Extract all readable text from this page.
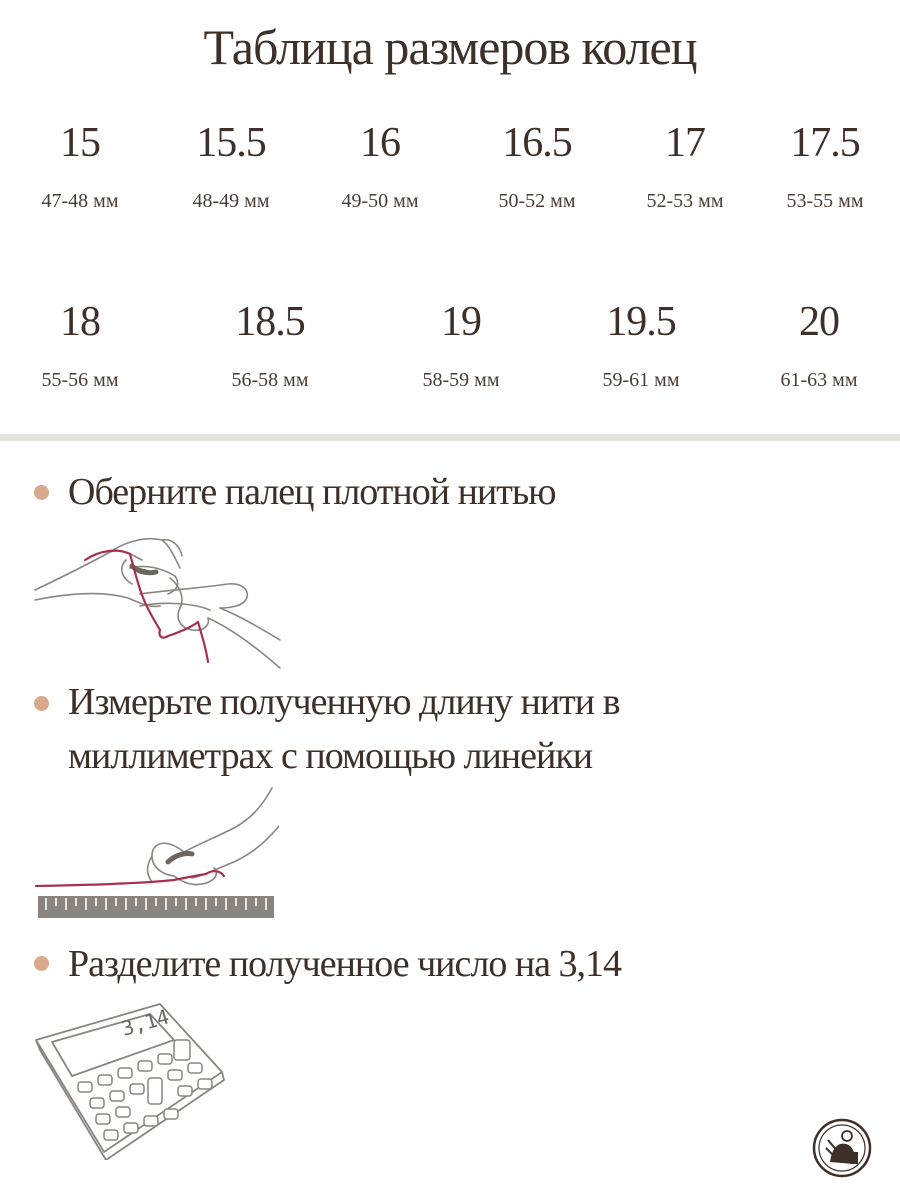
Таблица размеров колец
15
47-48 мм
15.5
48-49 мм
16
49-50 мм
16.5
50-52 мм
17
52-53 мм
17.5
53-55 мм
18
55-56 мм
18.5
56-58 мм
19
58-59 мм
19.5
59-61 мм
20
61-63 мм
Оберните палец плотной нитью
Измерьте полученную длину нити в
миллиметрах с помощью линейки
Разделите полученное число на 3,14
3,14
